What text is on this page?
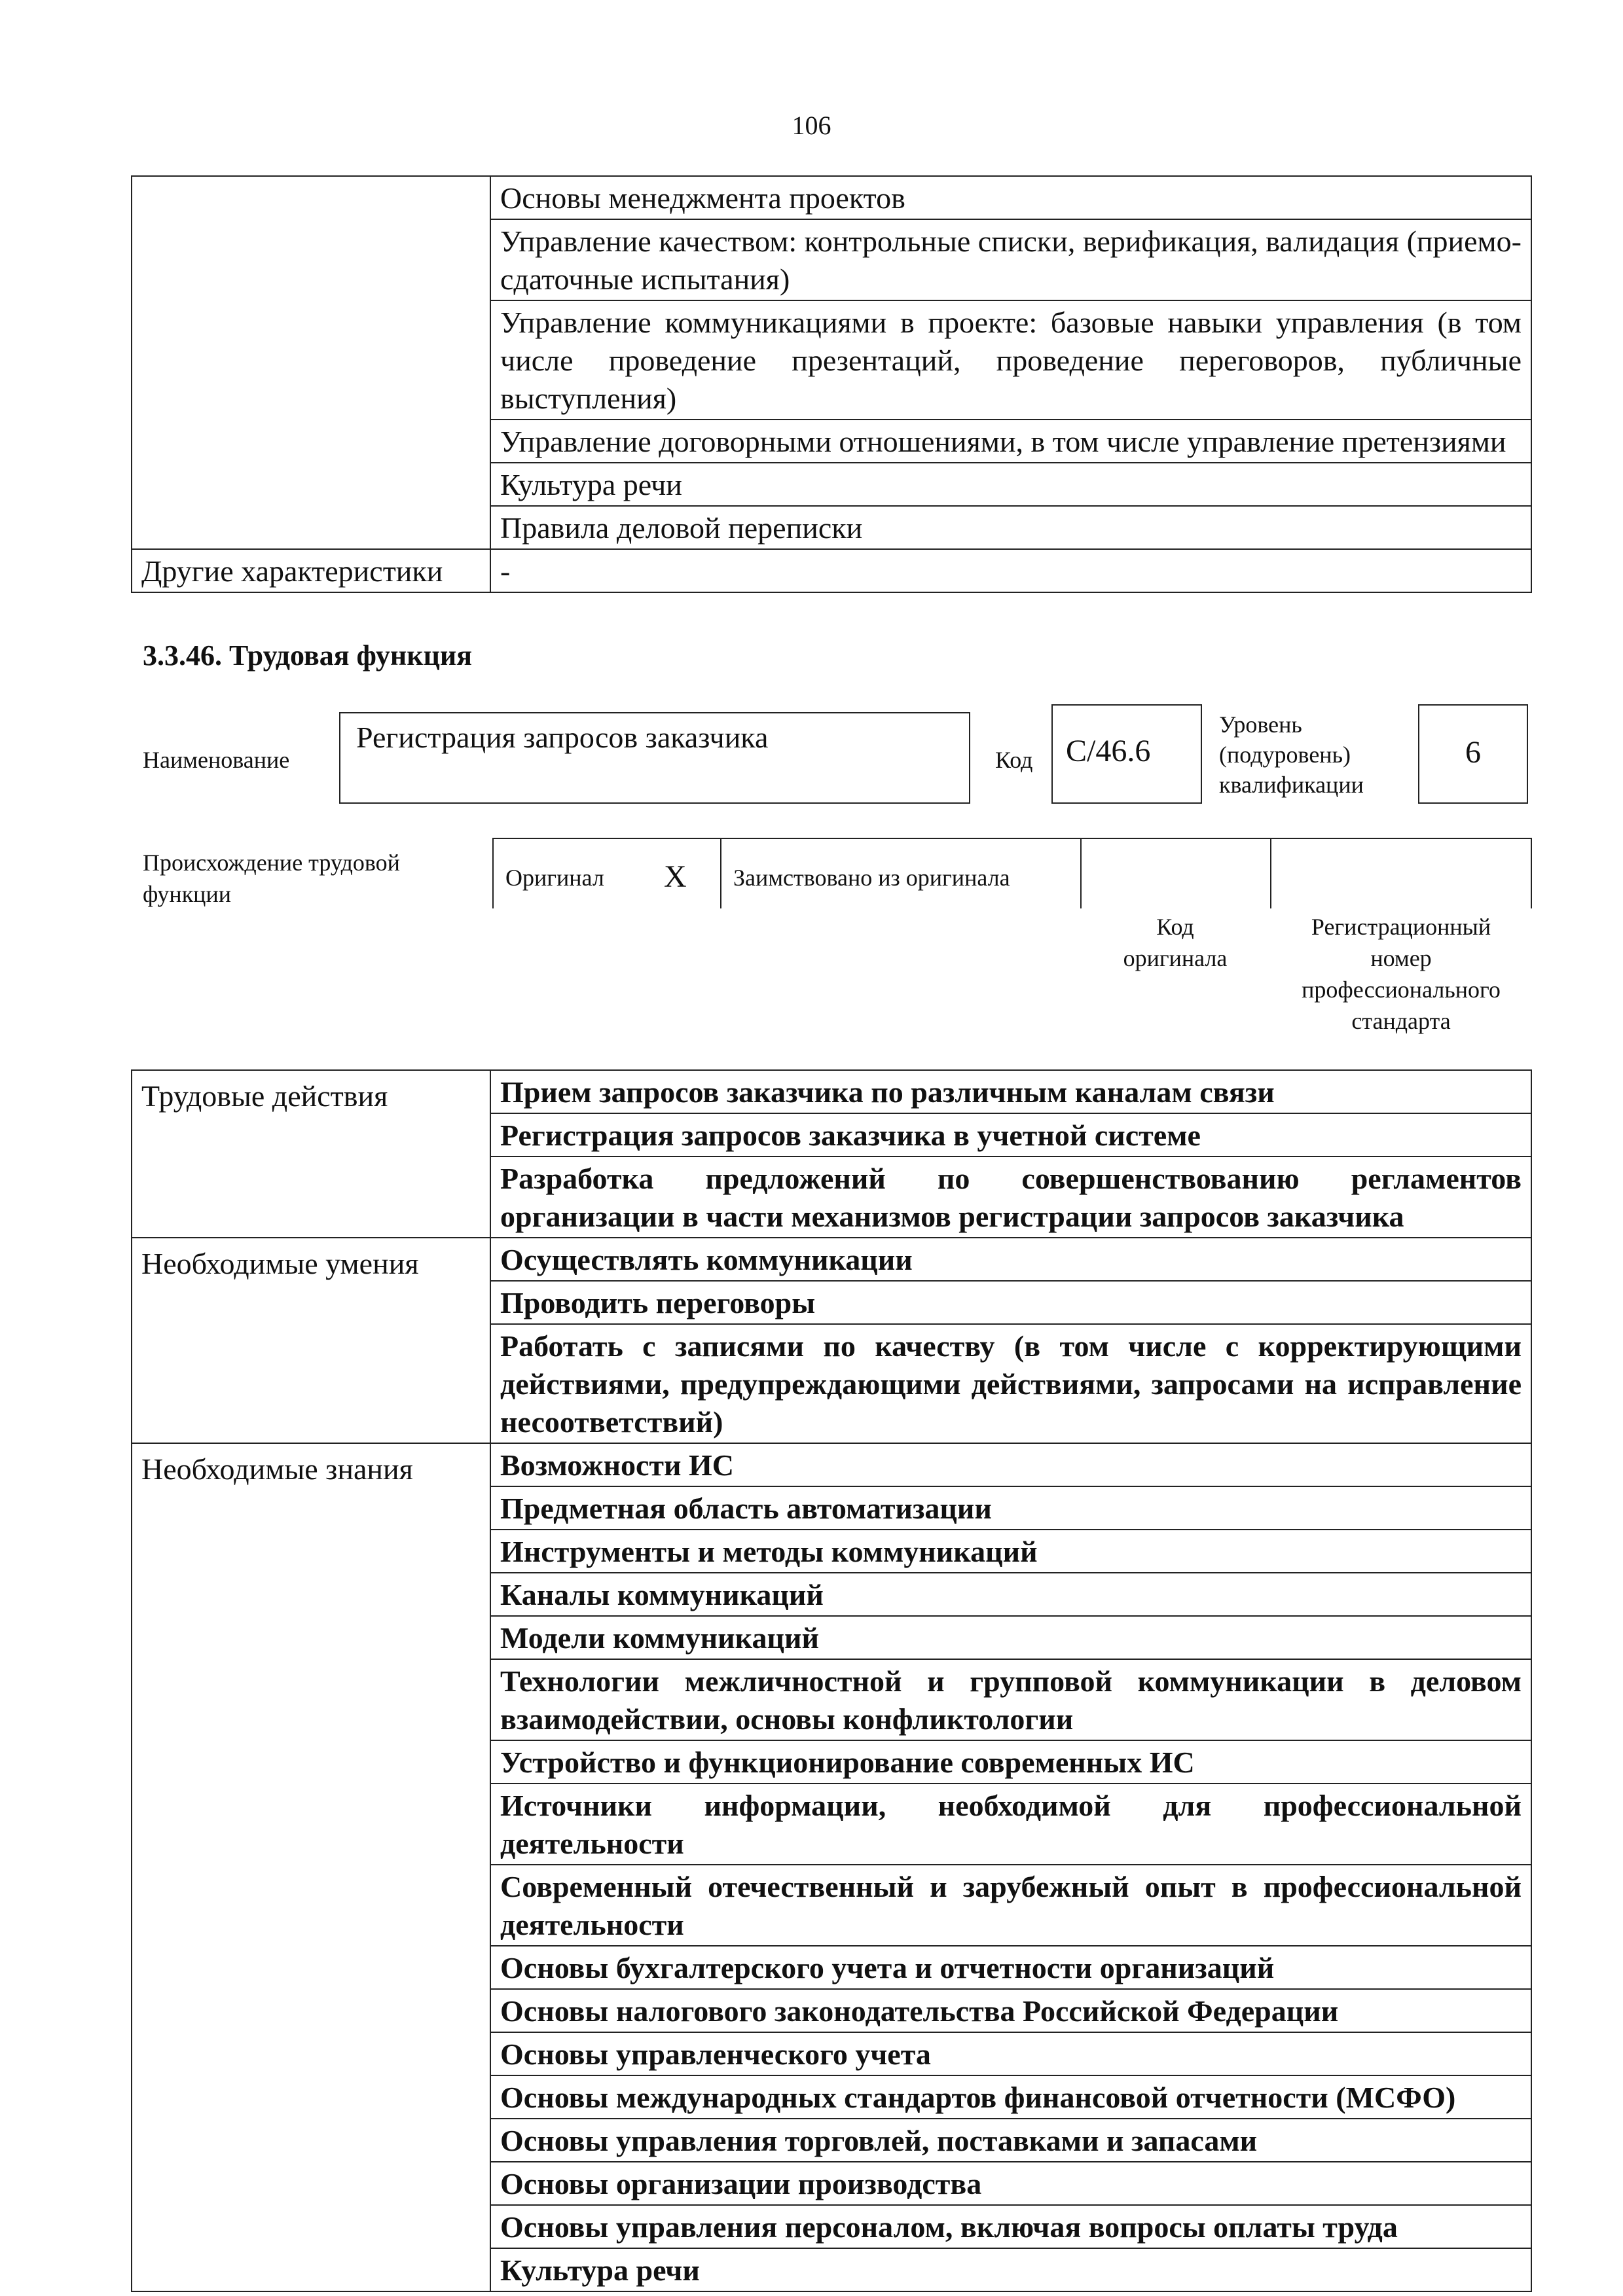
106
	Основы менеджмента проектов
	Управление качеством: контрольные списки, верификация, валидация (приемо-сдаточные испытания)
	Управление коммуникациями в проекте: базовые навыки управления (в том числе проведение презентаций, проведение переговоров, публичные выступления)
	Управление договорными отношениями, в том числе управление претензиями
	Культура речи
	Правила деловой переписки
Другие характеристики	-
3.3.46. Трудовая функция
Наименование
Регистрация запросов заказчика
Код C/46.6
Уровень
(подуровень)
квалификации
6
Происхождение трудовой
функции
Оригинал X Заимствовано из оригинала
Код
оригинала
Регистрационный
номер
профессионального
стандарта
Трудовые действия	Прием запросов заказчика по различным каналам связи
	Регистрация запросов заказчика в учетной системе
	Разработка предложений по совершенствованию регламентов организации в части механизмов регистрации запросов заказчика
Необходимые умения	Осуществлять коммуникации
	Проводить переговоры
	Работать с записями по качеству (в том числе с корректирующими действиями, предупреждающими действиями, запросами на исправление несоответствий)
Необходимые знания	Возможности ИС
	Предметная область автоматизации
	Инструменты и методы коммуникаций
	Каналы коммуникаций
	Модели коммуникаций
	Технологии межличностной и групповой коммуникации в деловом взаимодействии, основы конфликтологии
	Устройство и функционирование современных ИС
	Источники информации, необходимой для профессиональной деятельности
	Современный отечественный и зарубежный опыт в профессиональной деятельности
	Основы бухгалтерского учета и отчетности организаций
	Основы налогового законодательства Российской Федерации
	Основы управленческого учета
	Основы международных стандартов финансовой отчетности (МСФО)
	Основы управления торговлей, поставками и запасами
	Основы организации производства
	Основы управления персоналом, включая вопросы оплаты труда
	Культура речи
